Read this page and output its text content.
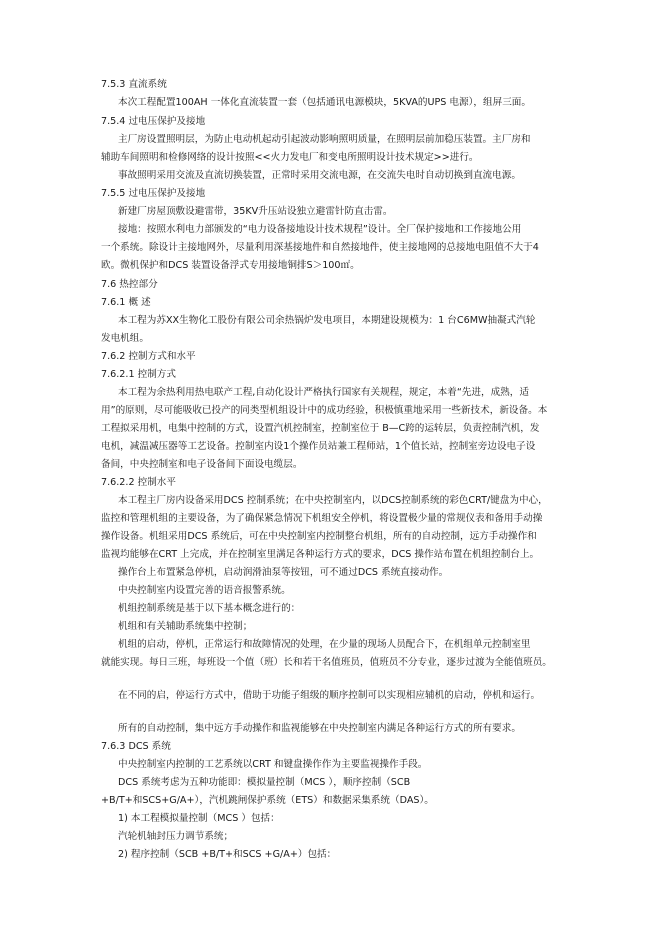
7.5.3 直流系统
本次工程配置100AH 一体化直流装置一套（包括通讯电源模块，5KVA的UPS 电源），组屏三面。
7.5.4 过电压保护及接地
主厂房设置照明层，为防止电动机起动引起波动影响照明质量，在照明层前加稳压装置。主厂房和
辅助车间照明和检修网络的设计按照<<火力发电厂和变电所照明设计技术规定>>进行。
事故照明采用交流及直流切换装置，正常时采用交流电源，在交流失电时自动切换到直流电源。
7.5.5 过电压保护及接地
新建厂房屋顶敷设避雷带，35KV升压站设独立避雷针防直击雷。
接地：按照水利电力部颁发的“电力设备接地设计技术规程”设计。全厂保护接地和工作接地公用
一个系统。除设计主接地网外，尽量利用深基接地件和自然接地件，使主接地网的总接地电阻值不大于4
欧。微机保护和DCS 装置设备浮式专用接地铜排S＞100㎡。
7.6 热控部分
7.6.1 概 述
本工程为苏XX生物化工股份有限公司余热锅炉发电项目，本期建设规模为：1 台C6MW抽凝式汽轮
发电机组。
7.6.2 控制方式和水平
7.6.2.1 控制方式
本工程为余热利用热电联产工程,自动化设计严格执行国家有关规程，规定，本着“先进，成熟，适
用”的原则，尽可能吸收已投产的同类型机组设计中的成功经验，积极慎重地采用一些新技术，新设备。本
工程拟采用机，电集中控制的方式，设置汽机控制室，控制室位于 B—C跨的运转层，负责控制汽机，发
电机，减温减压器等工艺设备。控制室内设1个操作员站兼工程师站，1个值长站，控制室旁边设电子设
备间，中央控制室和电子设备间下面设电缆层。
7.6.2.2 控制水平
本工程主厂房内设备采用DCS 控制系统；在中央控制室内，以DCS控制系统的彩色CRT/键盘为中心，
监控和管理机组的主要设备，为了确保紧急情况下机组安全停机，将设置极少量的常规仪表和备用手动操
操作设备。机组采用DCS 系统后，可在中央控制室内控制整台机组，所有的自动控制，远方手动操作和
监视均能够在CRT 上完成，并在控制室里满足各种运行方式的要求，DCS 操作站布置在机组控制台上。
操作台上布置紧急停机，启动润滑油泵等按钮，可不通过DCS 系统直接动作。
中央控制室内设置完善的语音报警系统。
机组控制系统是基于以下基本概念进行的：
机组和有关辅助系统集中控制；
机组的启动，停机，正常运行和故障情况的处理，在少量的现场人员配合下，在机组单元控制室里
就能实现。每日三班，每班设一个值（班）长和若干名值班员，值班员不分专业，逐步过渡为全能值班员。
在不同的启，停运行方式中，借助于功能子组级的顺序控制可以实现相应辅机的启动，停机和运行。
所有的自动控制，集中远方手动操作和监视能够在中央控制室内满足各种运行方式的所有要求。
7.6.3 DCS 系统
中央控制室内控制的工艺系统以CRT 和键盘操作作为主要监视操作手段。
DCS 系统考虑为五种功能即：模拟量控制（MCS ），顺序控制（SCB
+B/T+和SCS+G/A+），汽机跳闸保护系统（ETS）和数据采集系统（DAS）。
1) 本工程模拟量控制（MCS ）包括：
汽轮机轴封压力调节系统；
2) 程序控制（SCB +B/T+和SCS +G/A+）包括：
